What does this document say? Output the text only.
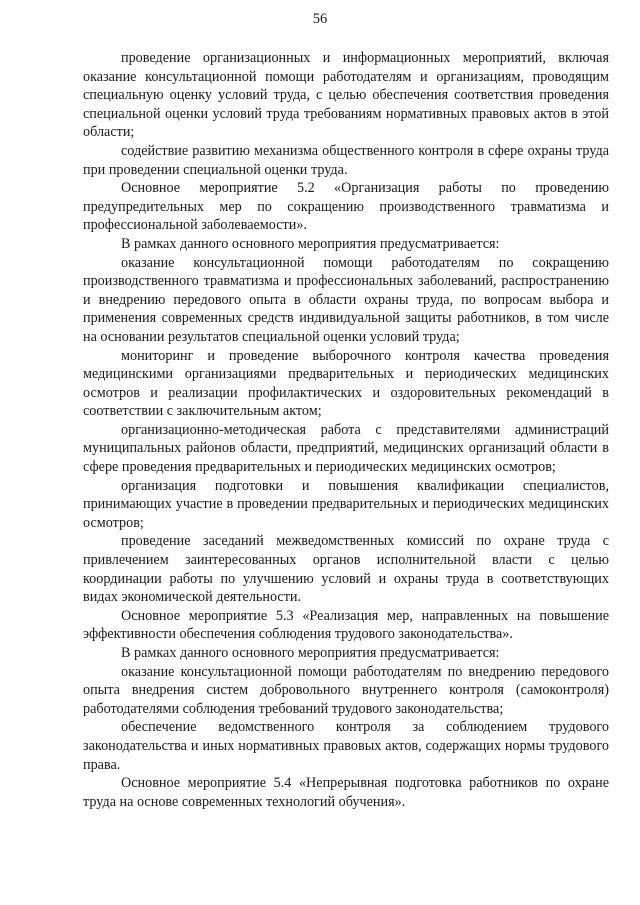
56

проведение организационных и информационных мероприятий, включая оказание консультационной помощи работодателям и организациям, проводящим специальную оценку условий труда, с целью обеспечения соответствия проведения специальной оценки условий труда требованиям нормативных правовых актов в этой области;

содействие развитию механизма общественного контроля в сфере охраны труда при проведении специальной оценки труда.

Основное мероприятие 5.2 «Организация работы по проведению предупредительных мер по сокращению производственного травматизма и профессиональной заболеваемости».

В рамках данного основного мероприятия предусматривается:

оказание консультационной помощи работодателям по сокращению производственного травматизма и профессиональных заболеваний, распространению и внедрению передового опыта в области охраны труда, по вопросам выбора и применения современных средств индивидуальной защиты работников, в том числе на основании результатов специальной оценки условий труда;

мониторинг и проведение выборочного контроля качества проведения медицинскими организациями предварительных и периодических медицинских осмотров и реализации профилактических и оздоровительных рекомендаций в соответствии с заключительным актом;

организационно-методическая работа с представителями администраций муниципальных районов области, предприятий, медицинских организаций области в сфере проведения предварительных и периодических медицинских осмотров;

организация подготовки и повышения квалификации специалистов, принимающих участие в проведении предварительных и периодических медицинских осмотров;

проведение заседаний межведомственных комиссий по охране труда с привлечением заинтересованных органов исполнительной власти с целью координации работы по улучшению условий и охраны труда в соответствующих видах экономической деятельности.

Основное мероприятие 5.3 «Реализация мер, направленных на повышение эффективности обеспечения соблюдения трудового законодательства».

В рамках данного основного мероприятия предусматривается:

оказание консультационной помощи работодателям по внедрению передового опыта внедрения систем добровольного внутреннего контроля (самоконтроля) работодателями соблюдения требований трудового законодательства;

обеспечение ведомственного контроля за соблюдением трудового законодательства и иных нормативных правовых актов, содержащих нормы трудового права.

Основное мероприятие 5.4 «Непрерывная подготовка работников по охране труда на основе современных технологий обучения».
